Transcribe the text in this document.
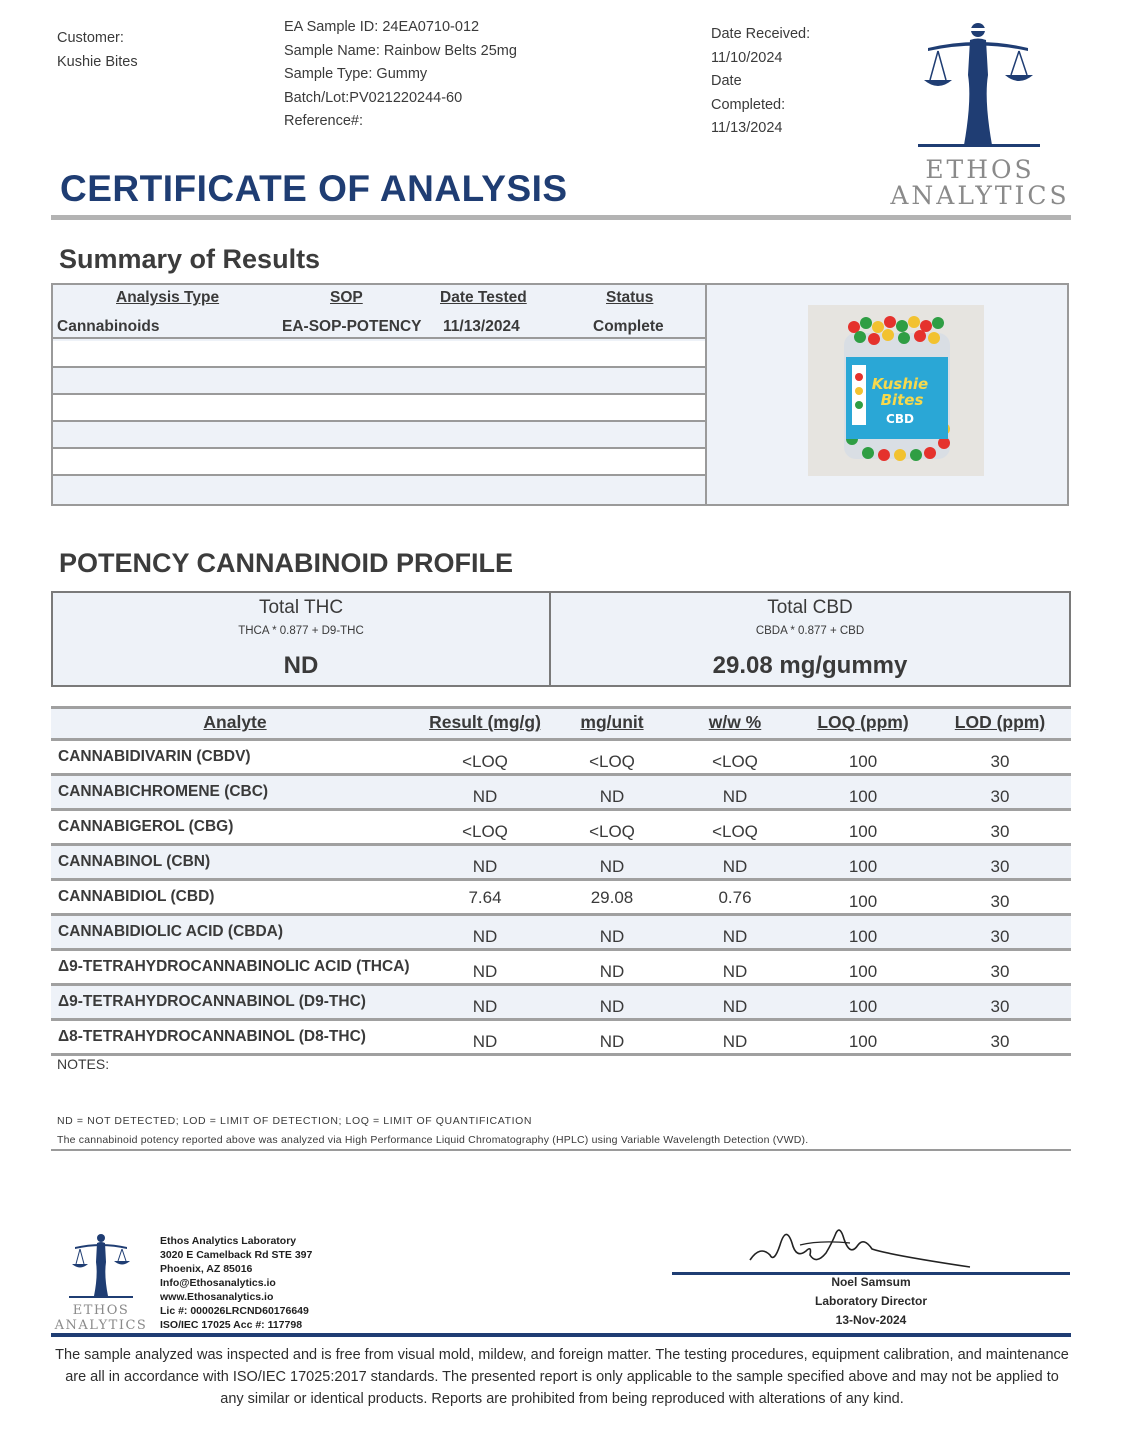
Customer:
Kushie Bites
EA Sample ID: 24EA0710-012
Sample Name: Rainbow Belts 25mg
Sample Type: Gummy
Batch/Lot:PV021220244-60
Reference#:
Date Received:
11/10/2024
Date
Completed:
11/13/2024
ETHOS
ANALYTICS
CERTIFICATE OF ANALYSIS
Summary of Results
Analysis Type	SOP	Date Tested	Status
Cannabinoids	EA-SOP-POTENCY 11/13/2024	Complete
Kushie
Bites
CBD
POTENCY CANNABINOID PROFILE
Total THC
THCA * 0.877 + D9-THC
ND
Total CBD
CBDA * 0.877 + CBD
29.08 mg/gummy
Analyte	Result (mg/g)	mg/unit	w/w %	LOQ (ppm)	LOD (ppm)
CANNABIDIVARIN (CBDV)	<LOQ	<LOQ	<LOQ	100	30
CANNABICHROMENE (CBC)	ND	ND	ND	100	30
CANNABIGEROL (CBG)	<LOQ	<LOQ	<LOQ	100	30
CANNABINOL (CBN)	ND	ND	ND	100	30
CANNABIDIOL (CBD)	7.64	29.08	0.76	100	30
CANNABIDIOLIC ACID (CBDA)	ND	ND	ND	100	30
Δ9-TETRAHYDROCANNABINOLIC ACID (THCA)	ND	ND	ND	100	30
Δ9-TETRAHYDROCANNABINOL (D9-THC)	ND	ND	ND	100	30
Δ8-TETRAHYDROCANNABINOL (D8-THC)	ND	ND	ND	100	30
NOTES:
ND = NOT DETECTED; LOD = LIMIT OF DETECTION; LOQ = LIMIT OF QUANTIFICATION
The cannabinoid potency reported above was analyzed via High Performance Liquid Chromatography (HPLC) using Variable Wavelength Detection (VWD).
ETHOS
ANALYTICS
Ethos Analytics Laboratory
3020 E Camelback Rd STE 397
Phoenix, AZ 85016
Info@Ethosanalytics.io
www.Ethosanalytics.io
Lic #: 000026LRCND60176649
ISO/IEC 17025 Acc #: 117798
Noel Samsum
Laboratory Director
13-Nov-2024
The sample analyzed was inspected and is free from visual mold, mildew, and foreign matter. The testing procedures, equipment calibration, and maintenance are all in accordance with ISO/IEC 17025:2017 standards. The presented report is only applicable to the sample specified above and may not be applied to any similar or identical products. Reports are prohibited from being reproduced with alterations of any kind.
